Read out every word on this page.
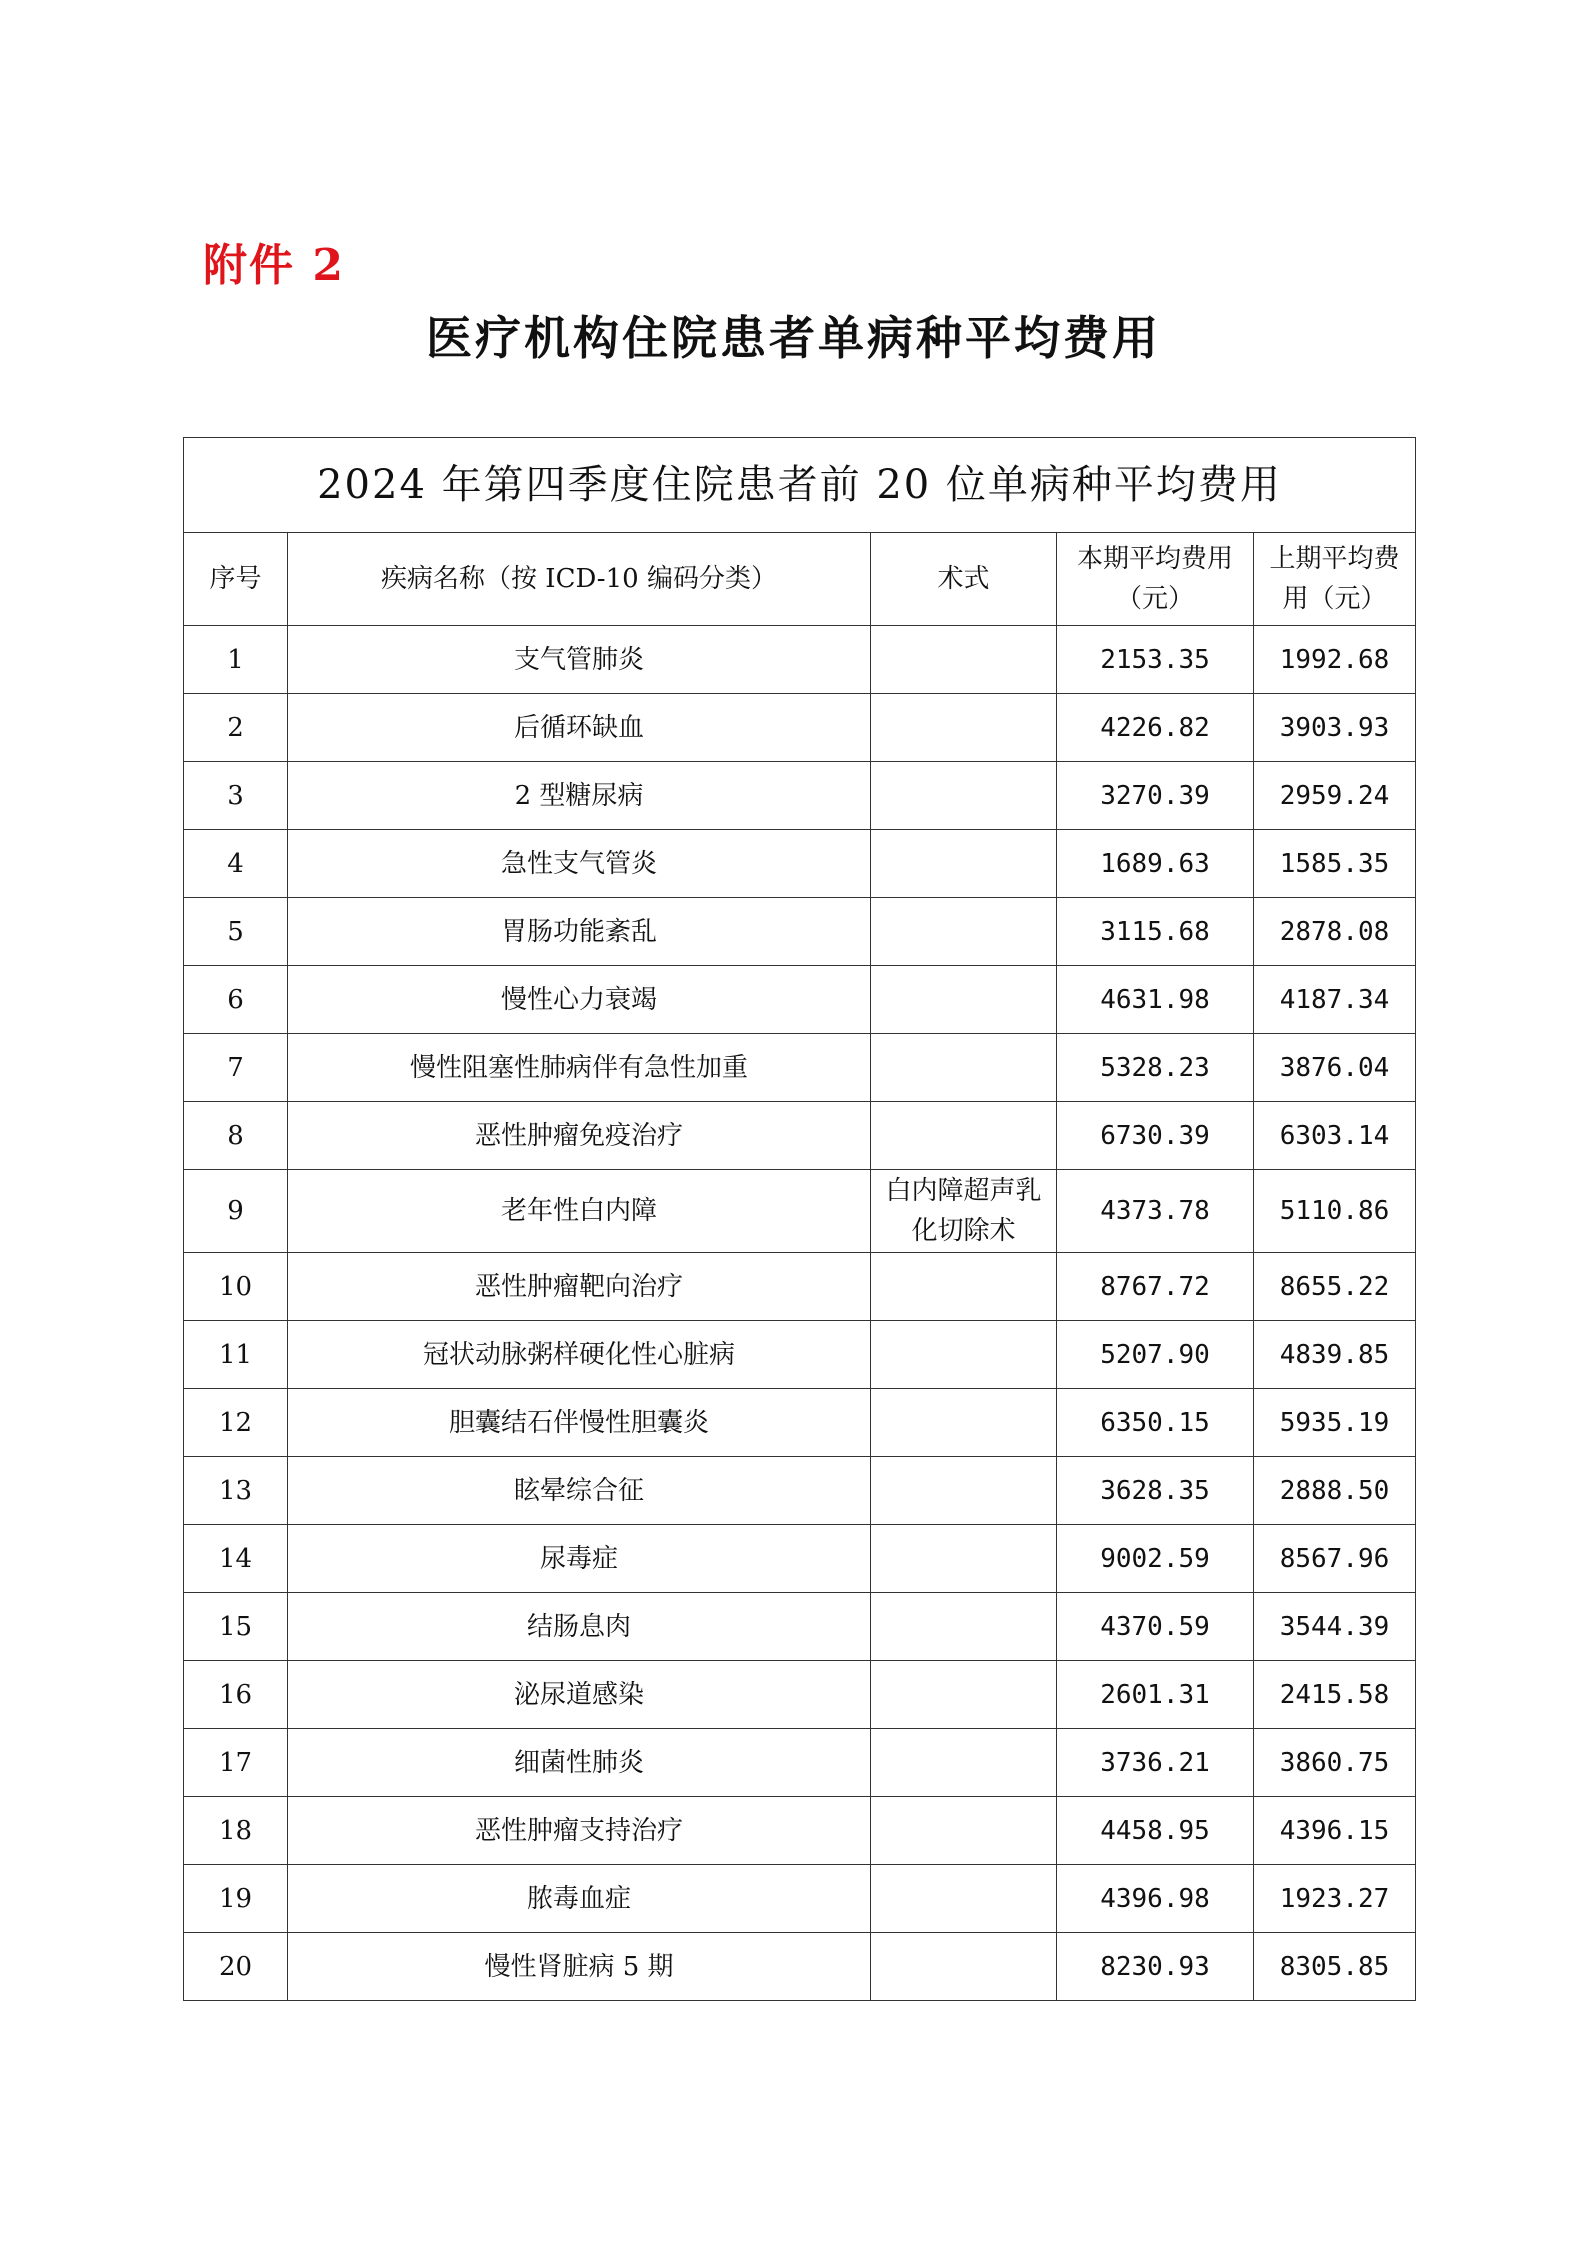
附件 2
医疗机构住院患者单病种平均费用
2024 年第四季度住院患者前 20 位单病种平均费用				
序号	疾病名称（按 ICD-10 编码分类）	术式	本期平均费用（元）	上期平均费用（元）
1	支气管肺炎		2153.35	1992.68
2	后循环缺血		4226.82	3903.93
3	2 型糖尿病		3270.39	2959.24
4	急性支气管炎		1689.63	1585.35
5	胃肠功能紊乱		3115.68	2878.08
6	慢性心力衰竭		4631.98	4187.34
7	慢性阻塞性肺病伴有急性加重		5328.23	3876.04
8	恶性肿瘤免疫治疗		6730.39	6303.14
9	老年性白内障	白内障超声乳化切除术	4373.78	5110.86
10	恶性肿瘤靶向治疗		8767.72	8655.22
11	冠状动脉粥样硬化性心脏病		5207.90	4839.85
12	胆囊结石伴慢性胆囊炎		6350.15	5935.19
13	眩晕综合征		3628.35	2888.50
14	尿毒症		9002.59	8567.96
15	结肠息肉		4370.59	3544.39
16	泌尿道感染		2601.31	2415.58
17	细菌性肺炎		3736.21	3860.75
18	恶性肿瘤支持治疗		4458.95	4396.15
19	脓毒血症		4396.98	1923.27
20	慢性肾脏病 5 期		8230.93	8305.85
